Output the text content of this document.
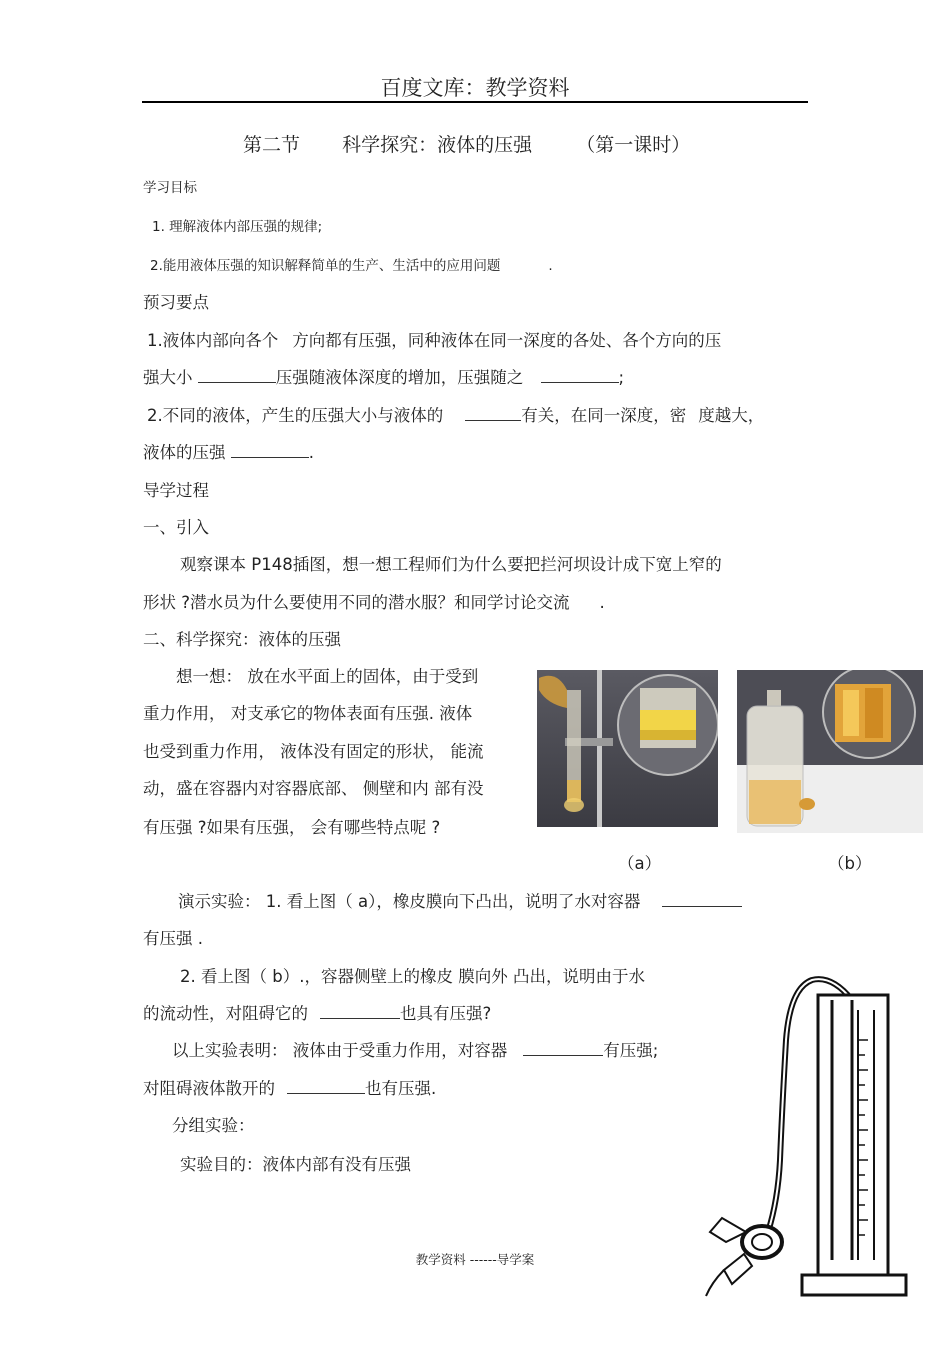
百度文库：教学资料
第二节 科学探究：液体的压强 （第一课时）
学习目标
1. 理解液体内部压强的规律;
2.能用液体压强的知识解释简单的生产、生活中的应用问题	.
预习要点
1.液体内部向各个 方向都有压强，同种液体在同一深度的各处、各个方向的压
强大小	压强随液体深度的增加，压强随之	;
2.不同的液体，产生的压强大小与液体的	有关，在同一深度，密 度越大，
液体的压强	.
导学过程
一、引入
观察课本 P148插图，想一想工程师们为什么要把拦河坝设计成下宽上窄的
形状 ?潜水员为什么要使用不同的潜水服？和同学讨论交流 .
二、科学探究：液体的压强
想一想： 放在水平面上的固体，由于受到
重力作用， 对支承它的物体表面有压强. 液体
也受到重力作用， 液体没有固定的形状， 能流
动，盛在容器内对容器底部、 侧壁和内 部有没
有压强 ?如果有压强， 会有哪些特点呢 ?
（a）	（b）
演示实验： 1. 看上图（ a），橡皮膜向下凸出，说明了水对容器
有压强 .
2. 看上图（ b）.，容器侧壁上的橡皮 膜向外 凸出，说明由于水
的流动性，对阻碍它的	也具有压强?
以上实验表明： 液体由于受重力作用，对容器	有压强;
对阻碍液体散开的	也有压强.
分组实验：
实验目的：液体内部有没有压强
教学资料 ------导学案
